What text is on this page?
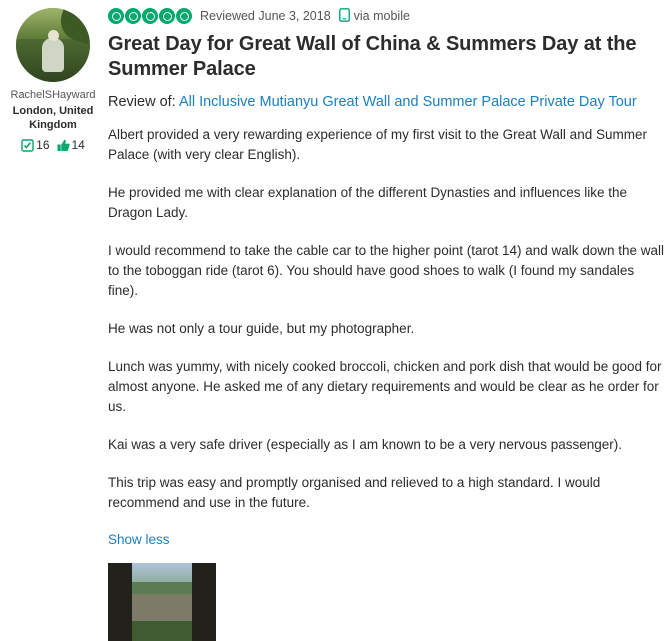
RachelSHayward
London, United Kingdom
16 14
Reviewed June 3, 2018 via mobile
Great Day for Great Wall of China & Summers Day at the Summer Palace
Review of: All Inclusive Mutianyu Great Wall and Summer Palace Private Day Tour

Albert provided a very rewarding experience of my first visit to the Great Wall and Summer Palace (with very clear English).

He provided me with clear explanation of the different Dynasties and influences like the Dragon Lady.

I would recommend to take the cable car to the higher point (tarot 14) and walk down the wall to the toboggan ride (tarot 6). You should have good shoes to walk (I found my sandales fine).

He was not only a tour guide, but my photographer.

Lunch was yummy, with nicely cooked broccoli, chicken and pork dish that would be good for almost anyone. He asked me of any dietary requirements and would be clear as he order for us.

Kai was a very safe driver (especially as I am known to be a very nervous passenger).

This trip was easy and promptly organised and relieved to a high standard. I would recommend and use in the future.

Show less
